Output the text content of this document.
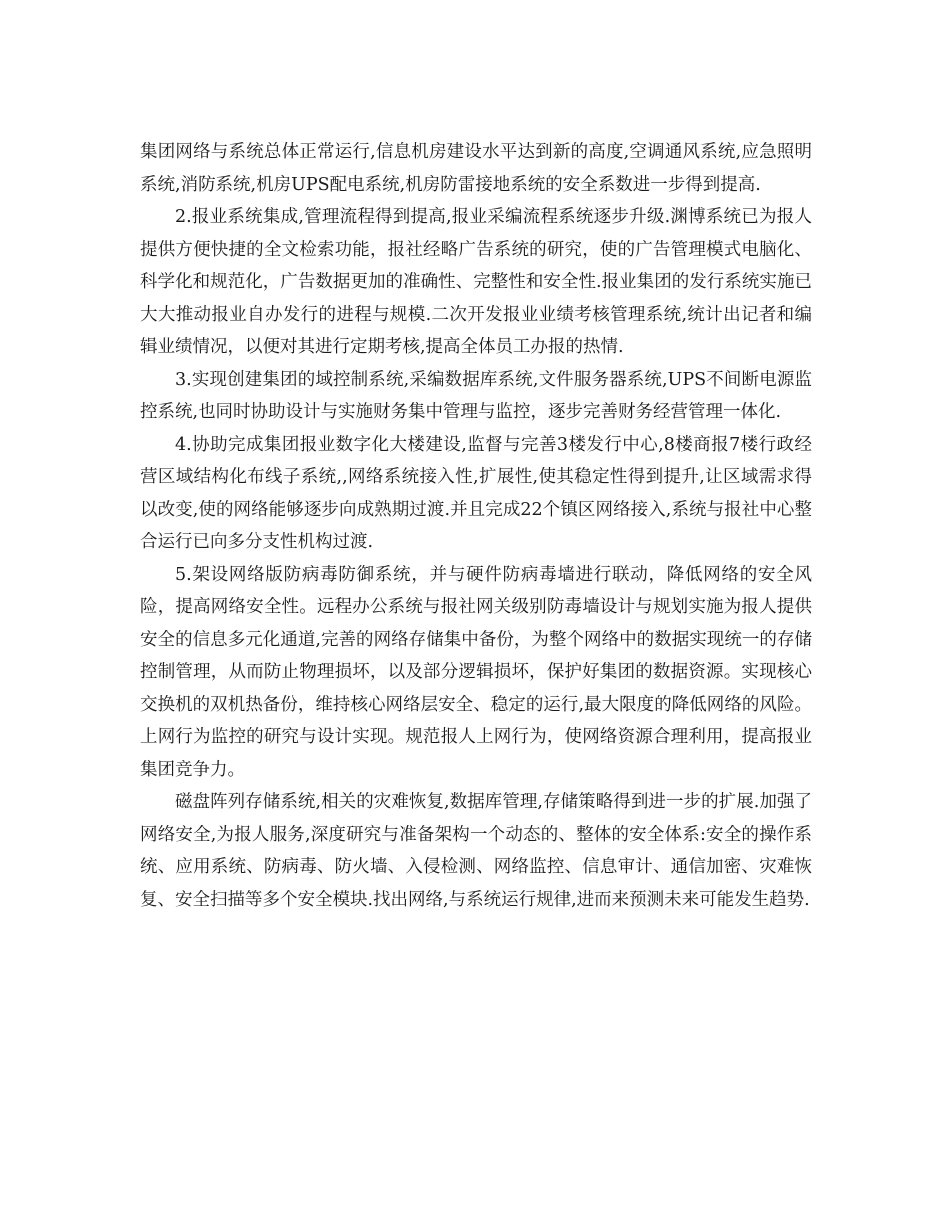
集团网络与系统总体正常运行,信息机房建设水平达到新的高度,空调通风系统,应急照明系统,消防系统,机房UPS配电系统,机房防雷接地系统的安全系数进一步得到提高.

2.报业系统集成,管理流程得到提高,报业采编流程系统逐步升级.渊博系统已为报人提供方便快捷的全文检索功能，报社经略广告系统的研究，使的广告管理模式电脑化、科学化和规范化，广告数据更加的准确性、完整性和安全性.报业集团的发行系统实施已大大推动报业自办发行的进程与规模.二次开发报业业绩考核管理系统,统计出记者和编辑业绩情况，以便对其进行定期考核,提高全体员工办报的热情.

3.实现创建集团的域控制系统,采编数据库系统,文件服务器系统,UPS不间断电源监控系统,也同时协助设计与实施财务集中管理与监控，逐步完善财务经营管理一体化.

4.协助完成集团报业数字化大楼建设,监督与完善3楼发行中心,8楼商报7楼行政经营区域结构化布线子系统,,网络系统接入性,扩展性,使其稳定性得到提升,让区域需求得以改变,使的网络能够逐步向成熟期过渡.并且完成22个镇区网络接入,系统与报社中心整合运行已向多分支性机构过渡.

5.架设网络版防病毒防御系统，并与硬件防病毒墙进行联动，降低网络的安全风险，提高网络安全性。远程办公系统与报社网关级别防毒墙设计与规划实施为报人提供安全的信息多元化通道,完善的网络存储集中备份，为整个网络中的数据实现统一的存储控制管理，从而防止物理损坏，以及部分逻辑损坏，保护好集团的数据资源。实现核心交换机的双机热备份，维持核心网络层安全、稳定的运行,最大限度的降低网络的风险。上网行为监控的研究与设计实现。规范报人上网行为，使网络资源合理利用，提高报业集团竞争力。

磁盘阵列存储系统,相关的灾难恢复,数据库管理,存储策略得到进一步的扩展.加强了网络安全,为报人服务,深度研究与准备架构一个动态的、整体的安全体系:安全的操作系统、应用系统、防病毒、防火墙、入侵检测、网络监控、信息审计、通信加密、灾难恢复、安全扫描等多个安全模块.找出网络,与系统运行规律,进而来预测未来可能发生趋势.
